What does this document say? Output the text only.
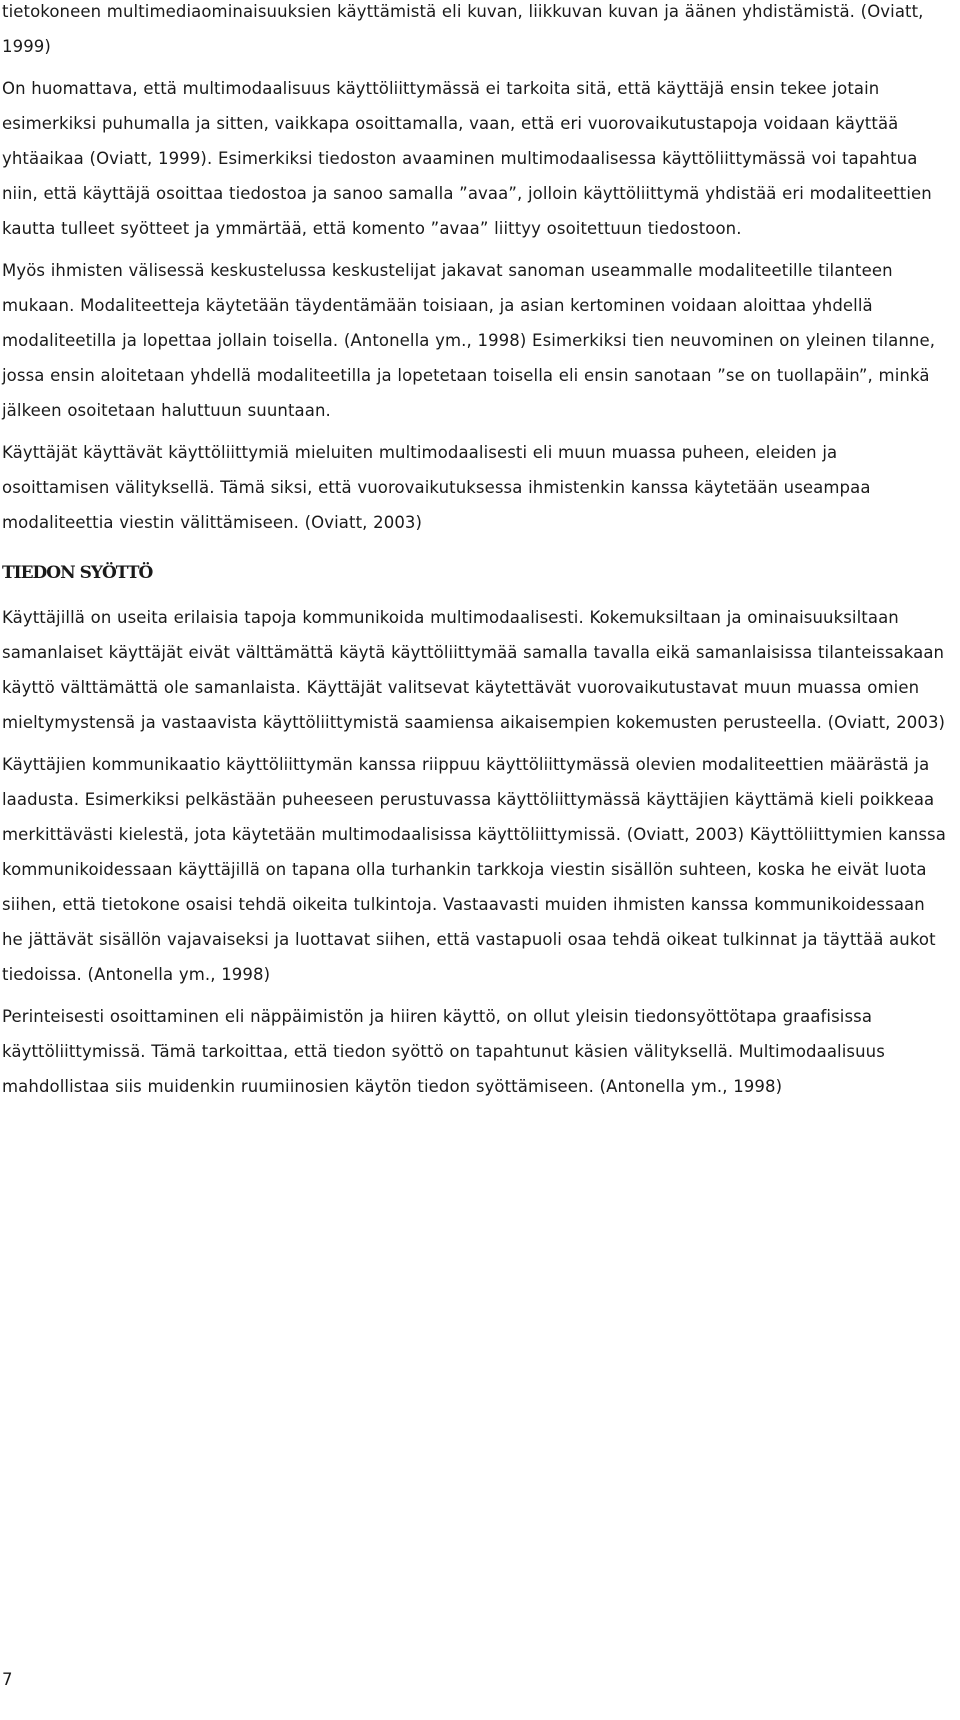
tietokoneen multimediaominaisuuksien käyttämistä eli kuvan, liikkuvan kuvan ja äänen yhdistämistä. (Oviatt, 1999)

On huomattava, että multimodaalisuus käyttöliittymässä ei tarkoita sitä, että käyttäjä ensin tekee jotain esimerkiksi puhumalla ja sitten, vaikkapa osoittamalla, vaan, että eri vuorovaikutustapoja voidaan käyttää yhtäaikaa (Oviatt, 1999). Esimerkiksi tiedoston avaaminen multimodaalisessa käyttöliittymässä voi tapahtua niin, että käyttäjä osoittaa tiedostoa ja sanoo samalla ”avaa”, jolloin käyttöliittymä yhdistää eri modaliteettien kautta tulleet syötteet ja ymmärtää, että komento ”avaa” liittyy osoitettuun tiedostoon.

Myös ihmisten välisessä keskustelussa keskustelijat jakavat sanoman useammalle modaliteetille tilanteen mukaan. Modaliteetteja käytetään täydentämään toisiaan, ja asian kertominen voidaan aloittaa yhdellä modaliteetilla ja lopettaa jollain toisella. (Antonella ym., 1998) Esimerkiksi tien neuvominen on yleinen tilanne, jossa ensin aloitetaan yhdellä modaliteetilla ja lopetetaan toisella eli ensin sanotaan ”se on tuollapäin”, minkä jälkeen osoitetaan haluttuun suuntaan.

Käyttäjät käyttävät käyttöliittymiä mieluiten multimodaalisesti eli muun muassa puheen, eleiden ja osoittamisen välityksellä. Tämä siksi, että vuorovaikutuksessa ihmistenkin kanssa käytetään useampaa modaliteettia viestin välittämiseen. (Oviatt, 2003)

TIEDON SYÖTTÖ

Käyttäjillä on useita erilaisia tapoja kommunikoida multimodaalisesti. Kokemuksiltaan ja ominaisuuksiltaan samanlaiset käyttäjät eivät välttämättä käytä käyttöliittymää samalla tavalla eikä samanlaisissa tilanteissakaan käyttö välttämättä ole samanlaista. Käyttäjät valitsevat käytettävät vuorovaikutustavat muun muassa omien mieltymystensä ja vastaavista käyttöliittymistä saamiensa aikaisempien kokemusten perusteella. (Oviatt, 2003)

Käyttäjien kommunikaatio käyttöliittymän kanssa riippuu käyttöliittymässä olevien modaliteettien määrästä ja laadusta. Esimerkiksi pelkästään puheeseen perustuvassa käyttöliittymässä käyttäjien käyttämä kieli poikkeaa merkittävästi kielestä, jota käytetään multimodaalisissa käyttöliittymissä. (Oviatt, 2003) Käyttöliittymien kanssa kommunikoidessaan käyttäjillä on tapana olla turhankin tarkkoja viestin sisällön suhteen, koska he eivät luota siihen, että tietokone osaisi tehdä oikeita tulkintoja. Vastaavasti muiden ihmisten kanssa kommunikoidessaan he jättävät sisällön vajavaiseksi ja luottavat siihen, että vastapuoli osaa tehdä oikeat tulkinnat ja täyttää aukot tiedoissa. (Antonella ym., 1998)

Perinteisesti osoittaminen eli näppäimistön ja hiiren käyttö, on ollut yleisin tiedonsyöttötapa graafisissa käyttöliittymissä. Tämä tarkoittaa, että tiedon syöttö on tapahtunut käsien välityksellä. Multimodaalisuus mahdollistaa siis muidenkin ruumiinosien käytön tiedon syöttämiseen. (Antonella ym., 1998)

7
